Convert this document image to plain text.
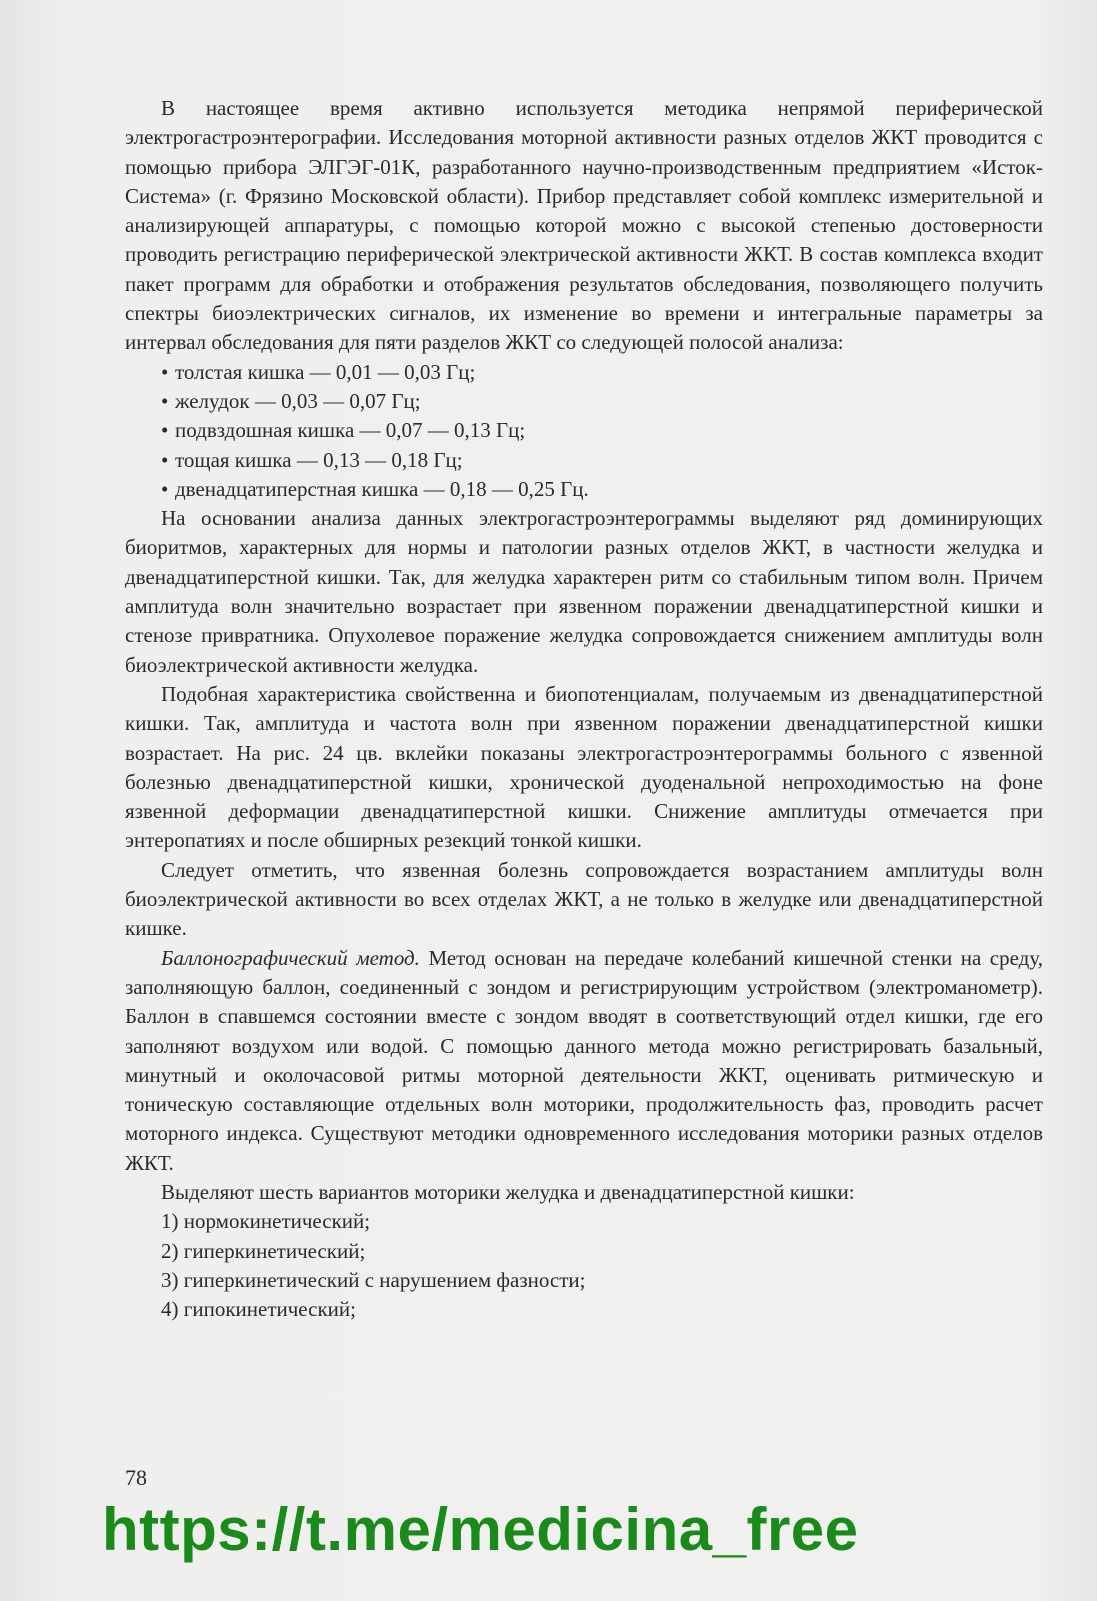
В настоящее время активно используется методика непрямой периферической электрогастроэнтерографии. Исследования моторной активности разных отделов ЖКТ проводится с помощью прибора ЭЛГЭГ-01К, разработанного научно-производственным предприятием «Исток-Система» (г. Фрязино Московской области). Прибор представляет собой комплекс измерительной и анализирующей аппаратуры, с помощью которой можно с высокой степенью достоверности проводить регистрацию периферической электрической активности ЖКТ. В состав комплекса входит пакет программ для обработки и отображения результатов обследования, позволяющего получить спектры биоэлектрических сигналов, их изменение во времени и интегральные параметры за интервал обследования для пяти разделов ЖКТ со следующей полосой анализа:

• толстая кишка — 0,01 — 0,03 Гц;
• желудок — 0,03 — 0,07 Гц;
• подвздошная кишка — 0,07 — 0,13 Гц;
• тощая кишка — 0,13 — 0,18 Гц;
• двенадцатиперстная кишка — 0,18 — 0,25 Гц.

На основании анализа данных электрогастроэнтерограммы выделяют ряд доминирующих биоритмов, характерных для нормы и патологии разных отделов ЖКТ, в частности желудка и двенадцатиперстной кишки. Так, для желудка характерен ритм со стабильным типом волн. Причем амплитуда волн значительно возрастает при язвенном поражении двенадцатиперстной кишки и стенозе привратника. Опухолевое поражение желудка сопровождается снижением амплитуды волн биоэлектрической активности желудка.

Подобная характеристика свойственна и биопотенциалам, получаемым из двенадцатиперстной кишки. Так, амплитуда и частота волн при язвенном поражении двенадцатиперстной кишки возрастает. На рис. 24 цв. вклейки показаны электрогастроэнтерограммы больного с язвенной болезнью двенадцатиперстной кишки, хронической дуоденальной непроходимостью на фоне язвенной деформации двенадцатиперстной кишки. Снижение амплитуды отмечается при энтеропатиях и после обширных резекций тонкой кишки.

Следует отметить, что язвенная болезнь сопровождается возрастанием амплитуды волн биоэлектрической активности во всех отделах ЖКТ, а не только в желудке или двенадцатиперстной кишке.

Баллонографический метод. Метод основан на передаче колебаний кишечной стенки на среду, заполняющую баллон, соединенный с зондом и регистрирующим устройством (электроманометр). Баллон в спавшемся состоянии вместе с зондом вводят в соответствующий отдел кишки, где его заполняют воздухом или водой. С помощью данного метода можно регистрировать базальный, минутный и околочасовой ритмы моторной деятельности ЖКТ, оценивать ритмическую и тоническую составляющие отдельных волн моторики, продолжительность фаз, проводить расчет моторного индекса. Существуют методики одновременного исследования моторики разных отделов ЖКТ.

Выделяют шесть вариантов моторики желудка и двенадцатиперстной кишки:

1) нормокинетический;
2) гиперкинетический;
3) гиперкинетический с нарушением фазности;
4) гипокинетический;
78
https://t.me/medicina_free
